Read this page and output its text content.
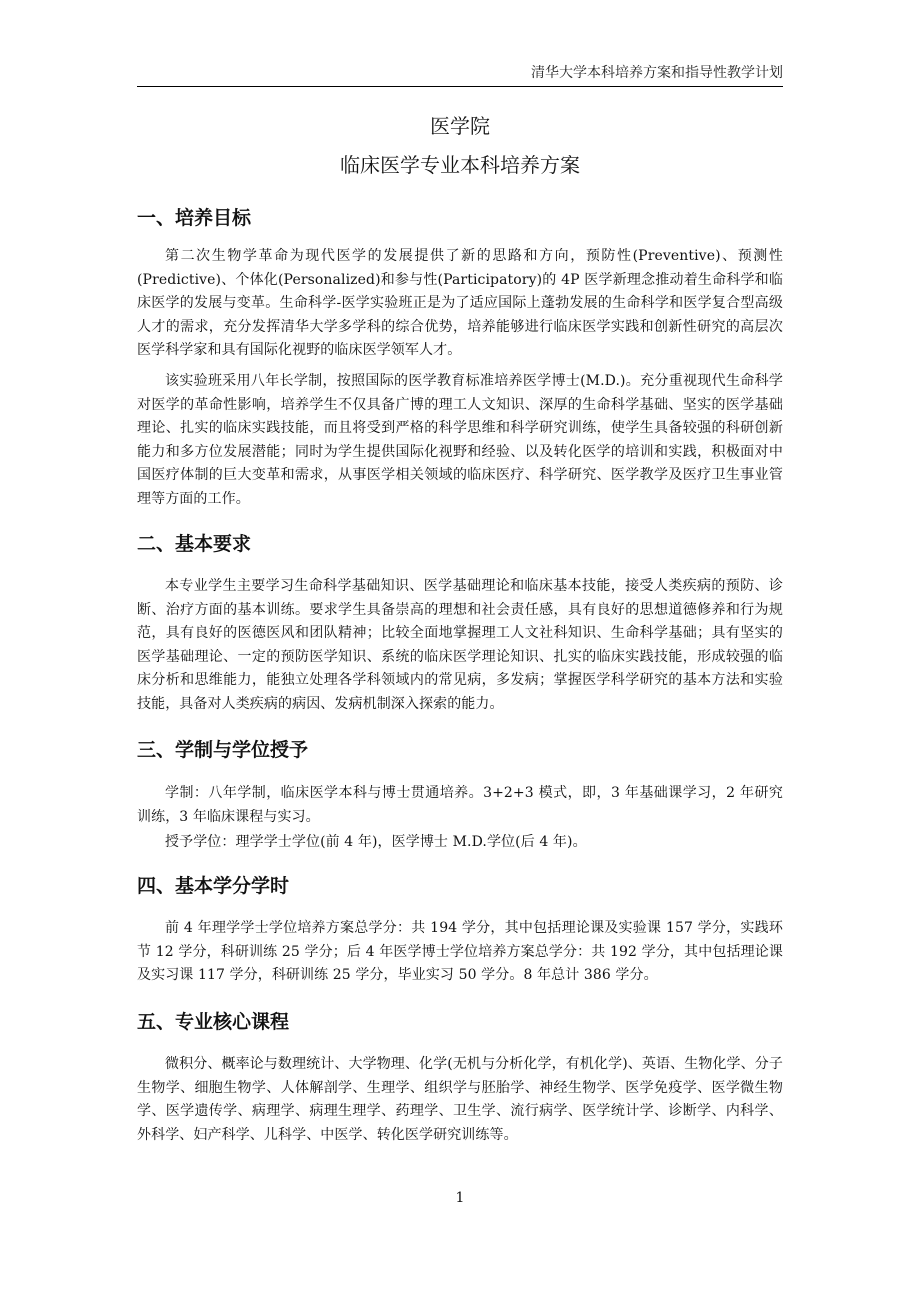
清华大学本科培养方案和指导性教学计划
医学院
临床医学专业本科培养方案
一、培养目标

第二次生物学革命为现代医学的发展提供了新的思路和方向，预防性(Preventive)、预测性(Predictive)、个体化(Personalized)和参与性(Participatory)的 4P 医学新理念推动着生命科学和临床医学的发展与变革。生命科学-医学实验班正是为了适应国际上蓬勃发展的生命科学和医学复合型高级人才的需求，充分发挥清华大学多学科的综合优势，培养能够进行临床医学实践和创新性研究的高层次医学科学家和具有国际化视野的临床医学领军人才。

该实验班采用八年长学制，按照国际的医学教育标准培养医学博士(M.D.)。充分重视现代生命科学对医学的革命性影响，培养学生不仅具备广博的理工人文知识、深厚的生命科学基础、坚实的医学基础理论、扎实的临床实践技能，而且将受到严格的科学思维和科学研究训练，使学生具备较强的科研创新能力和多方位发展潜能；同时为学生提供国际化视野和经验、以及转化医学的培训和实践，积极面对中国医疗体制的巨大变革和需求，从事医学相关领域的临床医疗、科学研究、医学教学及医疗卫生事业管理等方面的工作。

二、基本要求

本专业学生主要学习生命科学基础知识、医学基础理论和临床基本技能，接受人类疾病的预防、诊断、治疗方面的基本训练。要求学生具备崇高的理想和社会责任感，具有良好的思想道德修养和行为规范，具有良好的医德医风和团队精神；比较全面地掌握理工人文社科知识、生命科学基础；具有坚实的医学基础理论、一定的预防医学知识、系统的临床医学理论知识、扎实的临床实践技能，形成较强的临床分析和思维能力，能独立处理各学科领域内的常见病，多发病；掌握医学科学研究的基本方法和实验技能，具备对人类疾病的病因、发病机制深入探索的能力。

三、学制与学位授予

学制：八年学制，临床医学本科与博士贯通培养。3+2+3 模式，即，3 年基础课学习，2 年研究训练，3 年临床课程与实习。

授予学位：理学学士学位(前 4 年)，医学博士 M.D.学位(后 4 年)。

四、基本学分学时

前 4 年理学学士学位培养方案总学分：共 194 学分，其中包括理论课及实验课 157 学分，实践环节 12 学分，科研训练 25 学分；后 4 年医学博士学位培养方案总学分：共 192 学分，其中包括理论课及实习课 117 学分，科研训练 25 学分，毕业实习 50 学分。8 年总计 386 学分。

五、专业核心课程

微积分、概率论与数理统计、大学物理、化学(无机与分析化学，有机化学)、英语、生物化学、分子生物学、细胞生物学、人体解剖学、生理学、组织学与胚胎学、神经生物学、医学免疫学、医学微生物学、医学遗传学、病理学、病理生理学、药理学、卫生学、流行病学、医学统计学、诊断学、内科学、外科学、妇产科学、儿科学、中医学、转化医学研究训练等。

1
